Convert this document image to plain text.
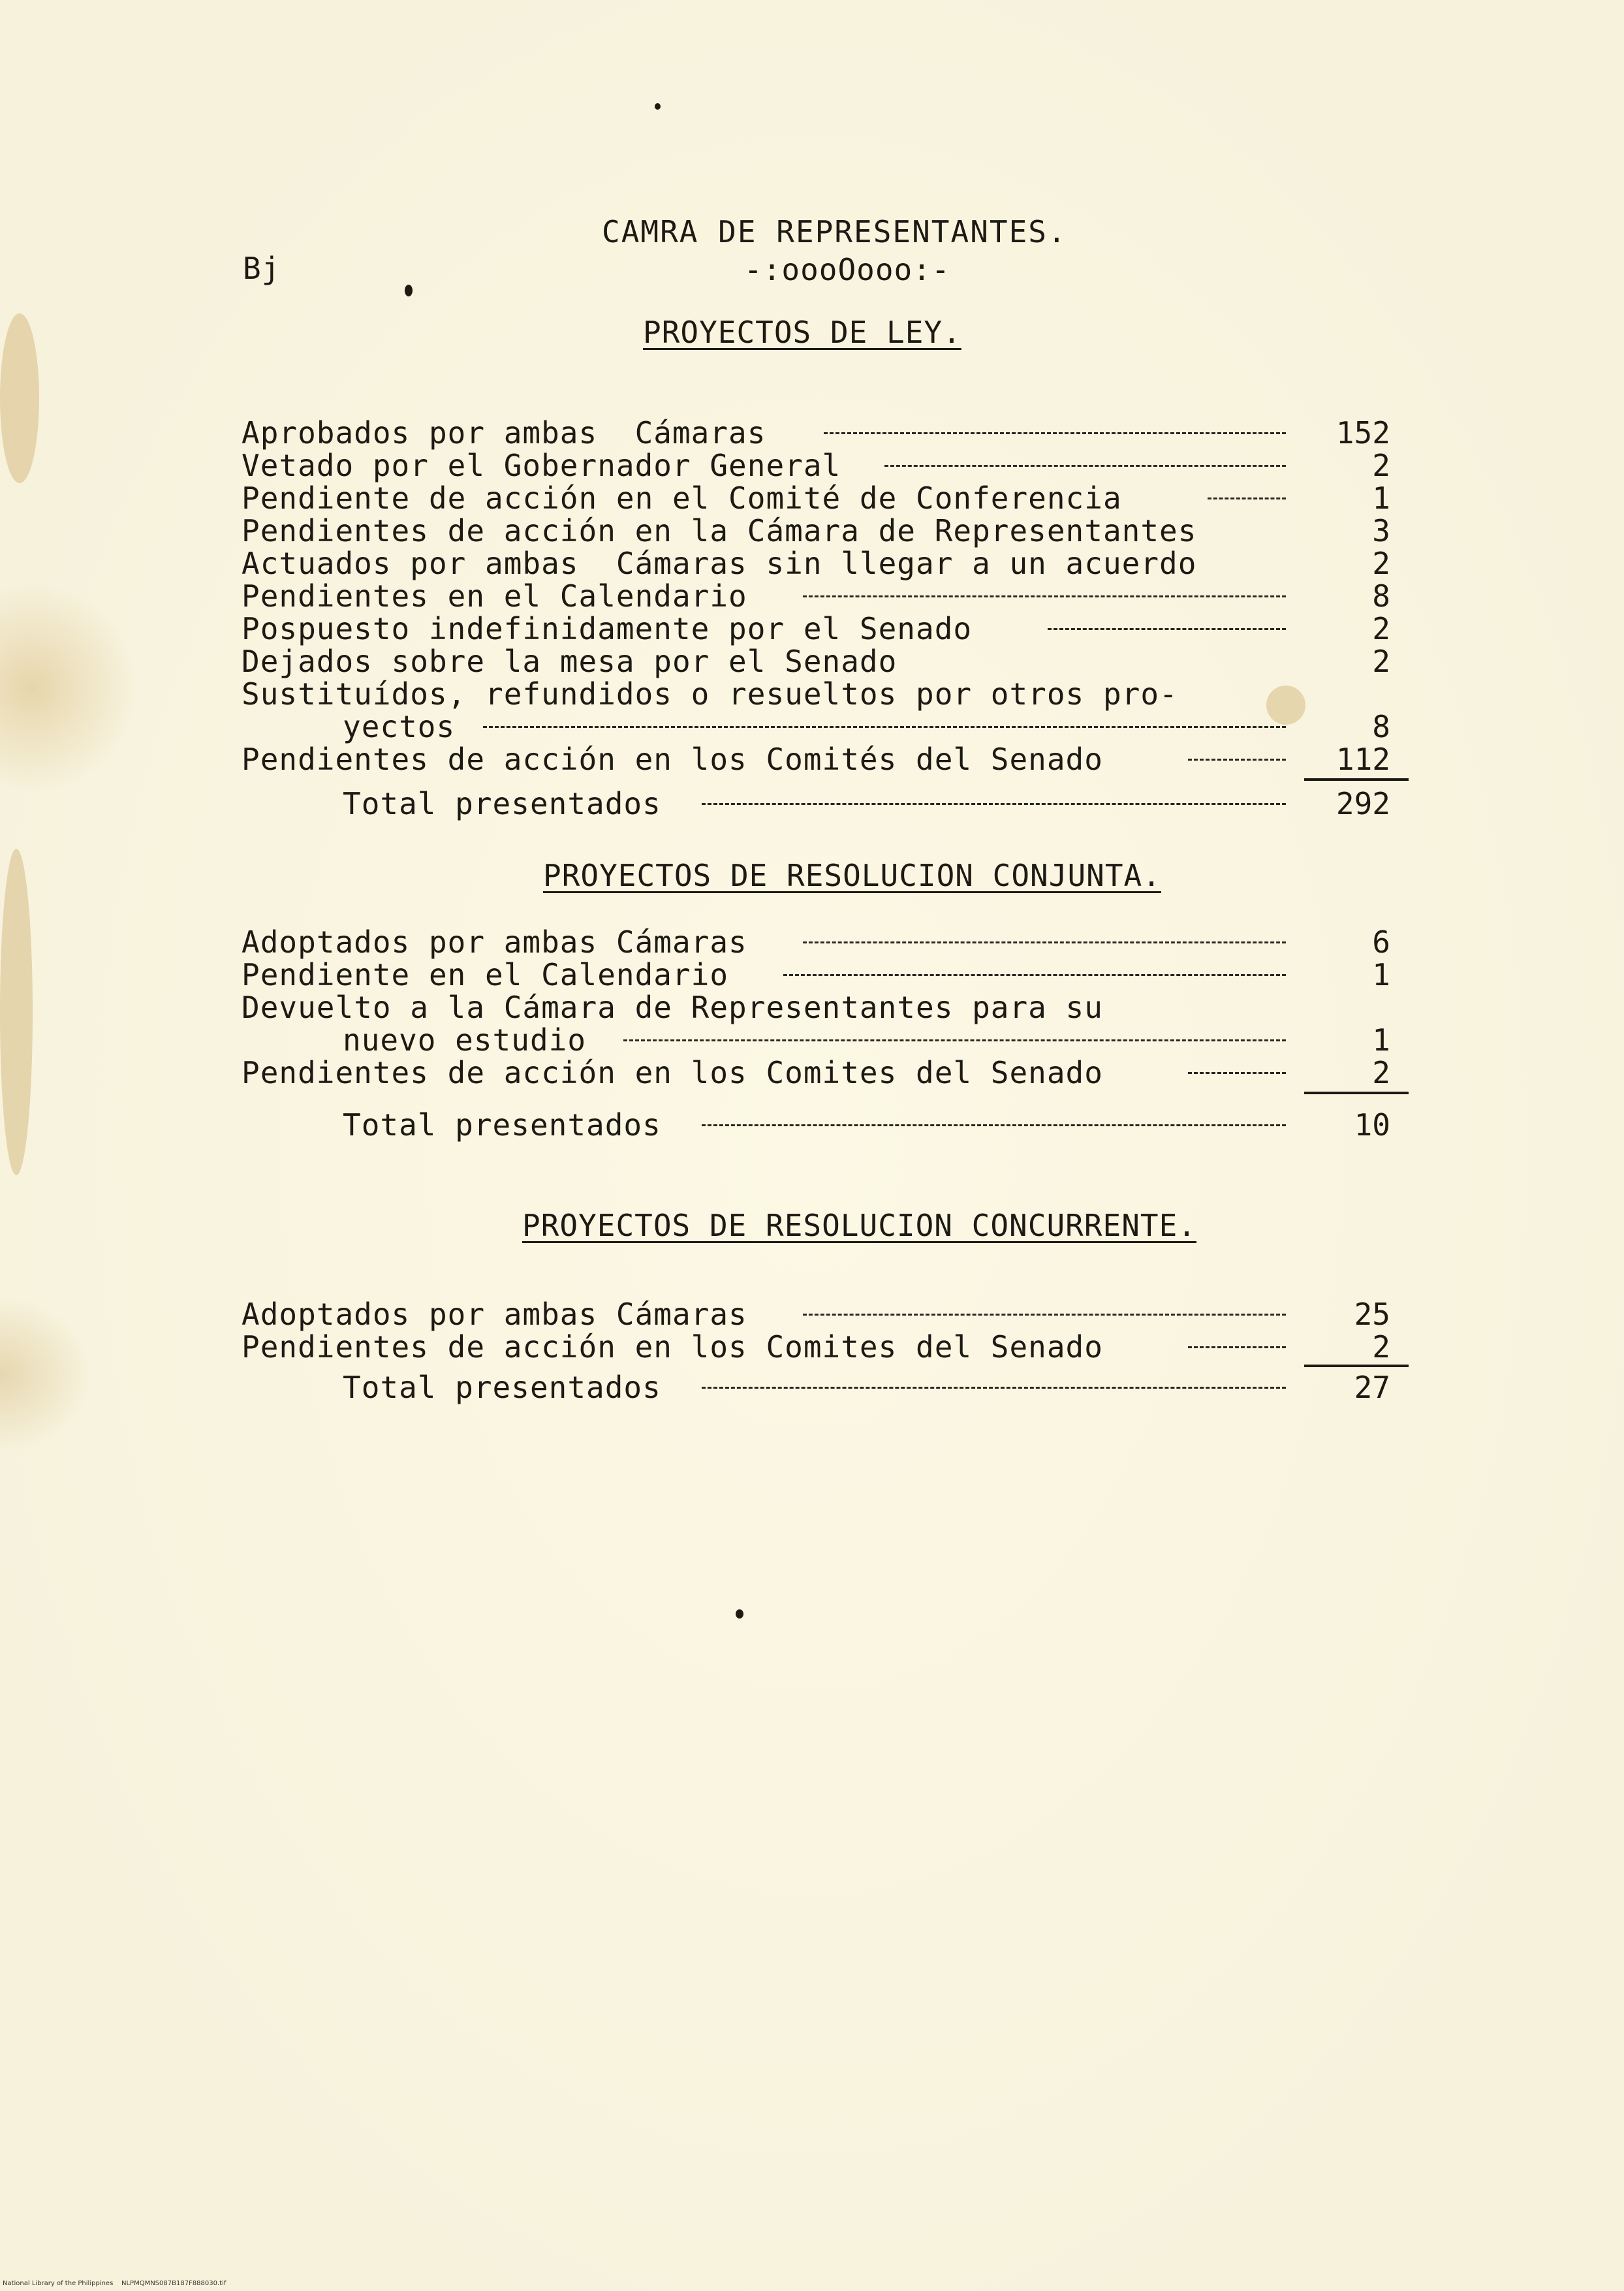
Bj
CAMRA DE REPRESENTANTES.
-:oooOooo:-
PROYECTOS DE LEY.
Aprobados por ambas  Cámaras	152
Vetado por el Gobernador General	2
Pendiente de acción en el Comité de Conferencia	1
Pendientes de acción en la Cámara de Representantes	3
Actuados por ambas  Cámaras sin llegar a un acuerdo	2
Pendientes en el Calendario	8
Pospuesto indefinidamente por el Senado	2
Dejados sobre la mesa por el Senado	2
Sustituídos, refundidos o resueltos por otros pro-
yectos	8
Pendientes de acción en los Comités del Senado	112
Total presentados	292
PROYECTOS DE RESOLUCION CONJUNTA.
Adoptados por ambas Cámaras	6
Pendiente en el Calendario	1
Devuelto a la Cámara de Representantes para su
nuevo estudio	1
Pendientes de acción en los Comites del Senado	2
Total presentados	10
PROYECTOS DE RESOLUCION CONCURRENTE.
Adoptados por ambas Cámaras	25
Pendientes de acción en los Comites del Senado	2
Total presentados	27
National Library of the Philippines    NLPMQMNS087B187F888030.tif
